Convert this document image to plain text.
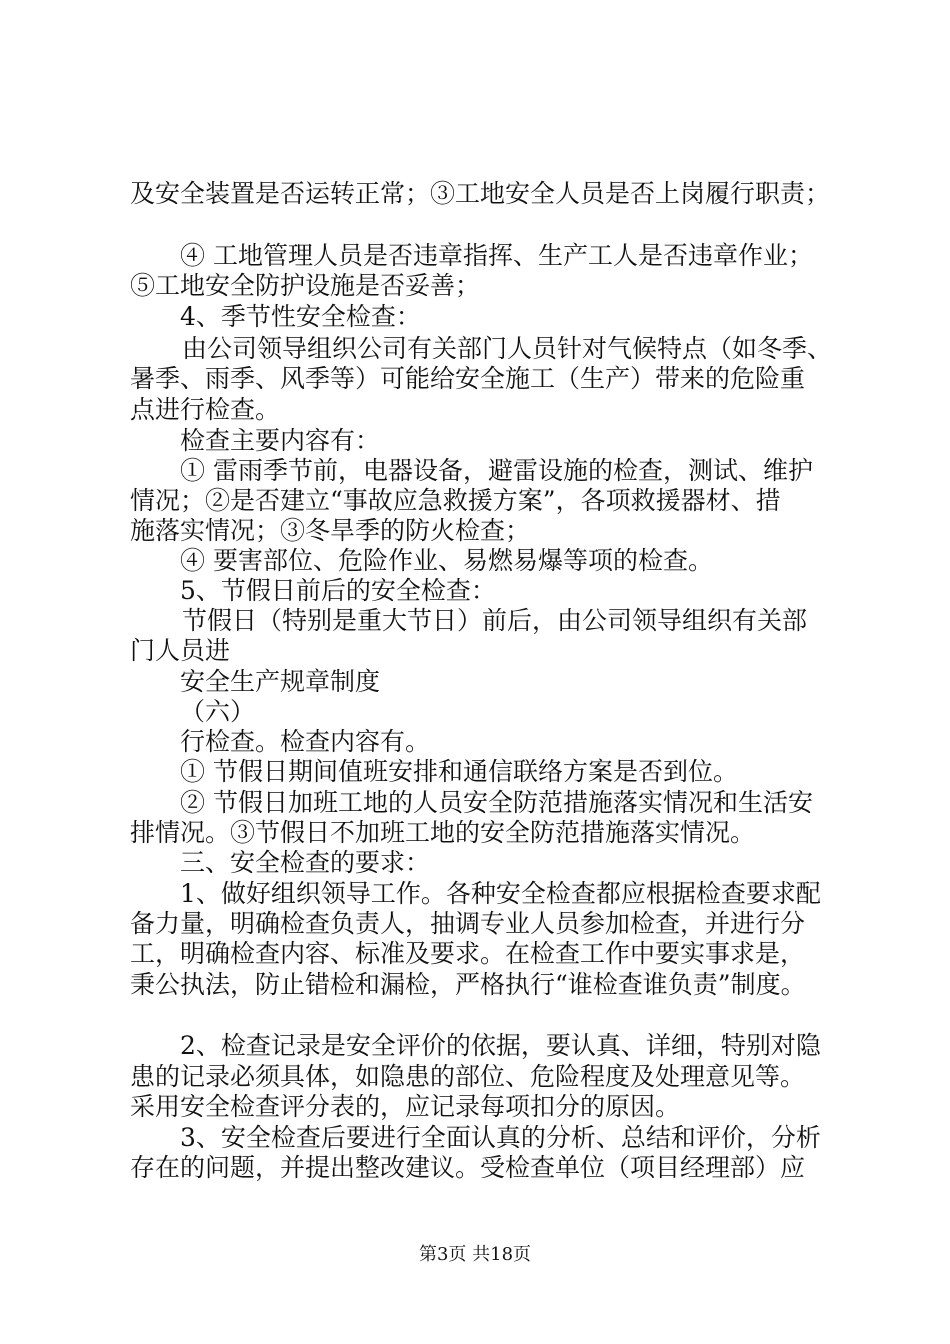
及安全装置是否运转正常；③工地安全人员是否上岗履行职责；
④ 工地管理人员是否违章指挥、生产工人是否违章作业；
⑤工地安全防护设施是否妥善；
4、季节性安全检查：
由公司领导组织公司有关部门人员针对气候特点（如冬季、
暑季、雨季、风季等）可能给安全施工（生产）带来的危险重
点进行检查。
检查主要内容有：
① 雷雨季节前，电器设备，避雷设施的检查，测试、维护
情况；②是否建立“事故应急救援方案”，各项救援器材、措
施落实情况；③冬旱季的防火检查；
④ 要害部位、危险作业、易燃易爆等项的检查。
5、节假日前后的安全检查：
节假日（特别是重大节日）前后，由公司领导组织有关部
门人员进
安全生产规章制度
（六）
行检查。检查内容有。
① 节假日期间值班安排和通信联络方案是否到位。
② 节假日加班工地的人员安全防范措施落实情况和生活安
排情况。③节假日不加班工地的安全防范措施落实情况。
三、安全检查的要求：
1、做好组织领导工作。各种安全检查都应根据检查要求配
备力量，明确检查负责人，抽调专业人员参加检查，并进行分
工，明确检查内容、标准及要求。在检查工作中要实事求是，
秉公执法，防止错检和漏检，严格执行“谁检查谁负责”制度。
2、检查记录是安全评价的依据，要认真、详细，特别对隐
患的记录必须具体，如隐患的部位、危险程度及处理意见等。
采用安全检查评分表的，应记录每项扣分的原因。
3、安全检查后要进行全面认真的分析、总结和评价，分析
存在的问题，并提出整改建议。受检查单位（项目经理部）应
第3页 共18页
